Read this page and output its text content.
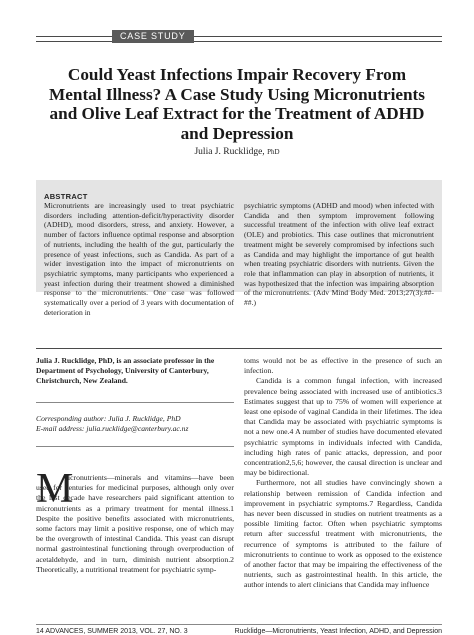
CASE STUDY
Could Yeast Infections Impair Recovery From Mental Illness? A Case Study Using Micronutrients and Olive Leaf Extract for the Treatment of ADHD and Depression
Julia J. Rucklidge, PhD
ABSTRACT
Micronutrients are increasingly used to treat psychiatric disorders including attention-deficit/hyperactivity disorder (ADHD), mood disorders, stress, and anxiety. However, a number of factors influence optimal response and absorption of nutrients, including the health of the gut, particularly the presence of yeast infections, such as Candida. As part of a wider investigation into the impact of micronutrients on psychiatric symptoms, many participants who experienced a yeast infection during their treatment showed a diminished response to the micronutrients. One case was followed systematically over a period of 3 years with documentation of deterioration in
psychiatric symptoms (ADHD and mood) when infected with Candida and then symptom improvement following successful treatment of the infection with olive leaf extract (OLE) and probiotics. This case outlines that micronutrient treatment might be severely compromised by infections such as Candida and may highlight the importance of gut health when treating psychiatric disorders with nutrients. Given the role that inflammation can play in absorption of nutrients, it was hypothesized that the infection was impairing absorption of the micronutrients. (Adv Mind Body Med. 2013;27(3):##-##.)
Julia J. Rucklidge, PhD, is an associate professor in the Department of Psychology, University of Canterbury, Christchurch, New Zealand.
Corresponding author: Julia J. Rucklidge, PhD
E-mail address: julia.rucklidge@canterbury.ac.nz
M
icronutrients—minerals and vitamins—have been used for centuries for medicinal purposes, although only over the last decade have researchers paid significant attention to micronutrients as a primary treatment for mental illness.1 Despite the positive benefits associated with micronutrients, some factors may limit a positive response, one of which may be the overgrowth of intestinal Candida. This yeast can disrupt normal gastrointestinal functioning through overproduction of acetaldehyde, and in turn, diminish nutrient absorption.2 Theoretically, a nutritional treatment for psychiatric symp-
toms would not be as effective in the presence of such an infection.
Candida is a common fungal infection, with increased prevalence being associated with increased use of antibiotics.3 Estimates suggest that up to 75% of women will experience at least one episode of vaginal Candida in their lifetimes. The idea that Candida may be associated with psychiatric symptoms is not a new one.4 A number of studies have documented elevated psychiatric symptoms in individuals infected with Candida, including high rates of panic attacks, depression, and poor concentration2,5,6; however, the causal direction is unclear and may be bidirectional.
Furthermore, not all studies have convincingly shown a relationship between remission of Candida infection and improvement in psychiatric symptoms.7 Regardless, Candida has never been discussed in studies on nutrient treatments as a possible limiting factor. Often when psychiatric symptoms return after successful treatment with micronutrients, the recurrence of symptoms is attributed to the failure of micronutrients to continue to work as opposed to the existence of another factor that may be impairing the effectiveness of the nutrients, such as gastrointestinal health. In this article, the author intends to alert clinicians that Candida may influence
14 ADVANCES, SUMMER 2013, VOL. 27, NO. 3	Rucklidge—Micronutrients, Yeast Infection, ADHD, and Depression
